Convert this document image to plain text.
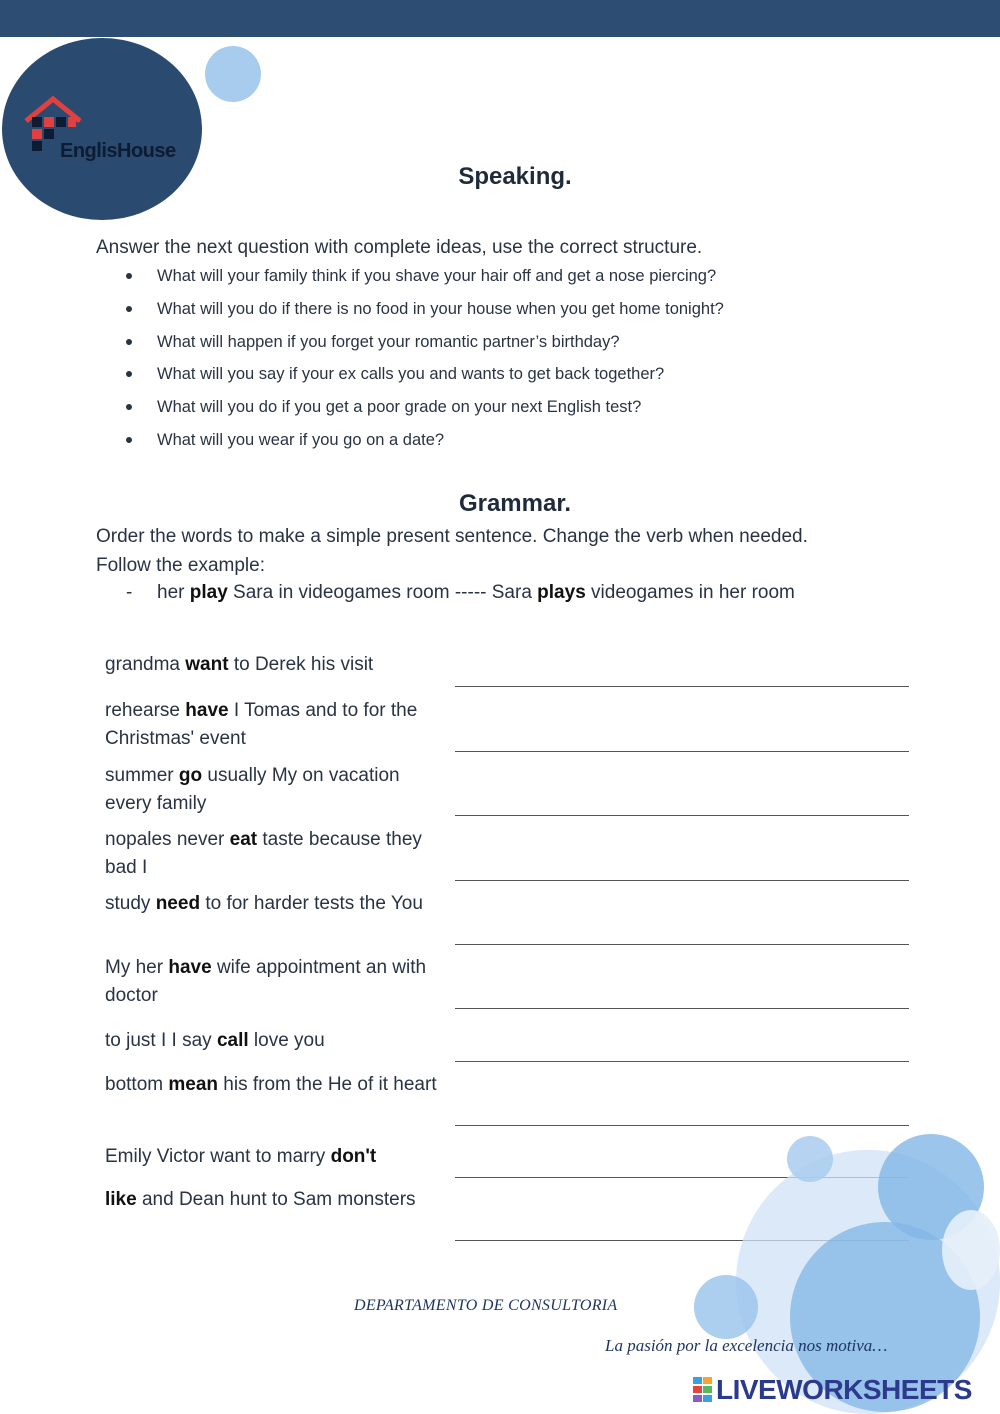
EnglisHouse
Speaking.
Answer the next question with complete ideas, use the correct structure.
What will your family think if you shave your hair off and get a nose piercing?
What will you do if there is no food in your house when you get home tonight?
What will happen if you forget your romantic partner’s birthday?
What will you say if your ex calls you and wants to get back together?
What will you do if you get a poor grade on your next English test?
What will you wear if you go on a date?
Grammar.
Order the words to make a simple present sentence. Change the verb when needed.
Follow the example:
- her play Sara in videogames room ----- Sara plays videogames in her room
grandma want to Derek his visit
rehearse have I Tomas and to for the Christmas' event
summer go usually My on vacation every family
nopales never eat taste because they bad I
study need to for harder tests the You
My her have wife appointment an with doctor
to just I I say call love you
bottom mean his from the He of it heart
Emily Victor want to marry don't
like and Dean hunt to Sam monsters
DEPARTAMENTO DE CONSULTORIA
La pasión por la excelencia nos motiva…
LIVEWORKSHEETS
